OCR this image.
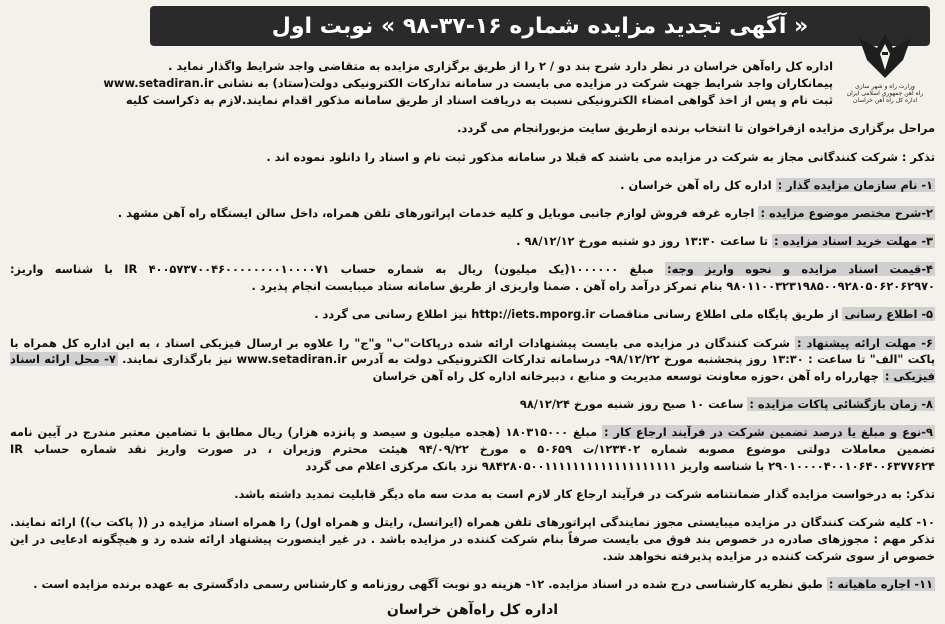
« آگهی تجدید مزایده شماره ۱۶-۳۷-۹۸ » نوبت اول
وزارت راه و شهر سازی
راه آهن جمهوری اسلامی ایران
اداره کل راه آهن خراسان

اداره کل راه‌آهن خراسان در نظر دارد شرح بند دو / ۲ را از طریق برگزاری مزایده به متقاضی واجد شرایط واگذار نماید .

پیمانکاران واجد شرایط جهت شرکت در مزایده می بایست در سامانه تدارکات الکترونیکی دولت(ستاد) به نشانی www.setadiran.ir

ثبت نام و پس از اخذ گواهی امضاء الکترونیکی نسبت به دریافت اسناد از طریق سامانه مذکور اقدام نمایند.لازم به ذکراست کلیه

مراحل برگزاری مزایده ازفراخوان تا انتخاب برنده ازطریق سایت مزبورانجام می گردد.

تذکر : شرکت کنندگانی مجاز به شرکت در مزایده می باشند که قبلا در سامانه مذکور ثبت نام و اسناد را دانلود نموده اند .

۱- نام سازمان مزایده گذار : اداره کل راه آهن خراسان .

۲-شرح مختصر موضوع مزایده : اجاره غرفه فروش لوازم جانبی موبایل و کلیه خدمات اپراتورهای تلفن همراه، داخل سالن ایستگاه راه آهن مشهد .

۳- مهلت خرید اسناد مزایده : تا ساعت ۱۳:۳۰ روز دو شنبه مورخ ۹۸/۱۲/۱۲ .

۴-قیمت اسناد مزایده و نحوه واریز وجه: مبلغ ۱۰۰۰۰۰۰(یک میلیون) ریال به شماره حساب ۴۰۰۵۷۳۷۰۰۴۶۰۰۰۰۰۰۰۰۱۰۰۰۰۷۱ IR با شناسه واریز: ۹۸۰۱۱۰۰۳۲۳۱۹۸۵۰۰۹۲۸۰۵۰۶۲۰۶۲۹۷۰ بنام تمرکز درآمد راه آهن . ضمنا واریزی از طریق سامانه ستاد میبایست انجام پذیرد .

۵- اطلاع رسانی از طریق پایگاه ملی اطلاع رسانی مناقصات http://iets.mporg.ir نیز اطلاع رسانی می گردد .

۶- مهلت ارائه پیشنهاد : شرکت کنندگان در مزایده می بایست پیشنهادات ارائه شده درپاکات"ب" و"ج" را علاوه بر ارسال فیزیکی اسناد ، به این اداره کل همراه با پاکت "الف" تا ساعت : ۱۳:۳۰ روز پنجشنبه مورخ ۹۸/۱۲/۲۲- درسامانه تدارکات الکترونیکی دولت به آدرس www.setadiran.ir نیز بارگذاری نمایند. ۷- محل ارائه اسناد فیزیکی : چهارراه راه آهن ،حوزه معاونت توسعه مدیریت و منابع ، دبیرخانه اداره کل راه آهن خراسان

۸- زمان بازگشائی پاکات مزایده : ساعت ۱۰ صبح روز شنبه مورخ ۹۸/۱۲/۲۴

۹-نوع و مبلغ یا درصد تضمین شرکت در فرآیند ارجاع کار : مبلغ ۱۸۰۳۱۵۰۰۰ (هجده میلیون و سیصد و پانزده هزار) ریال مطابق با تضامین معتبر مندرج در آیین نامه تضمین معاملات دولتی موضوع مصوبه شماره ۱۲۳۴۰۲/ت ۵۰۶۵۹ ه مورخ ۹۴/۰۹/۲۲ هیئت محترم وزیران ، در صورت واریز نقد شماره حساب IR ۲۹۰۱۰۰۰۰۴۰۰۱۰۶۴۰۰۶۳۷۷۶۲۴ با شناسه واریز ۹۸۴۲۸۰۵۰۰۱۱۱۱۱۱۱۱۱۱۱۱۱۱۱۱۱۱۱ نزد بانک مرکزی اعلام می گردد

تذکر: به درخواست مزایده گذار ضمانتنامه شرکت در فرآیند ارجاع کار لازم است به مدت سه ماه دیگر قابلیت تمدید داشته باشد.

۱۰- کلیه شرکت کنندگان در مزایده میبایستی مجوز نمایندگی اپراتورهای تلفن همراه (ایرانسل، رایتل و همراه اول) را همراه اسناد مزایده در (( پاکت ب)) ارائه نمایند. تذکر مهم : مجوزهای صادره در خصوص بند فوق می بایست صرفاً بنام شرکت کننده در مزایده باشد . در غیر اینصورت پیشنهاد ارائه شده رد و هیچگونه ادعایی در این خصوص از سوی شرکت کننده در مزایده پذیرفته نخواهد شد.

۱۱- اجاره ماهیانه : طبق نظریه کارشناسی درج شده در اسناد مزایده. ۱۲- هزینه دو نوبت آگهی روزنامه و کارشناس رسمی دادگستری به عهده برنده مزایده است .

اداره کل راه‌آهن خراسان
